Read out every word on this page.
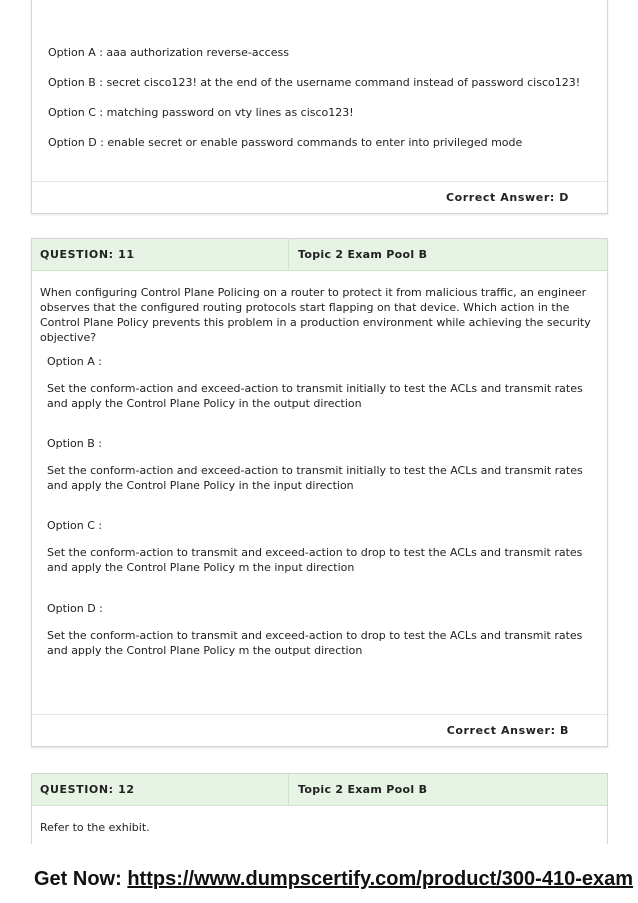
Option A : aaa authorization reverse-access
Option B : secret cisco123! at the end of the username command instead of password cisco123!
Option C : matching password on vty lines as cisco123!
Option D : enable secret or enable password commands to enter into privileged mode
Correct Answer: D
QUESTION: 11	Topic 2 Exam Pool B

When configuring Control Plane Policing on a router to protect it from malicious traffic, an engineer observes that the configured routing protocols start flapping on that device. Which action in the Control Plane Policy prevents this problem in a production environment while achieving the security objective?

Option A :
Set the conform-action and exceed-action to transmit initially to test the ACLs and transmit rates and apply the Control Plane Policy in the output direction
Option B :
Set the conform-action and exceed-action to transmit initially to test the ACLs and transmit rates and apply the Control Plane Policy in the input direction
Option C :
Set the conform-action to transmit and exceed-action to drop to test the ACLs and transmit rates and apply the Control Plane Policy m the input direction
Option D :
Set the conform-action to transmit and exceed-action to drop to test the ACLs and transmit rates and apply the Control Plane Policy m the output direction
Correct Answer: B
QUESTION: 12	Topic 2 Exam Pool B

Refer to the exhibit.

Get Now: https://www.dumpscertify.com/product/300-410-exam
